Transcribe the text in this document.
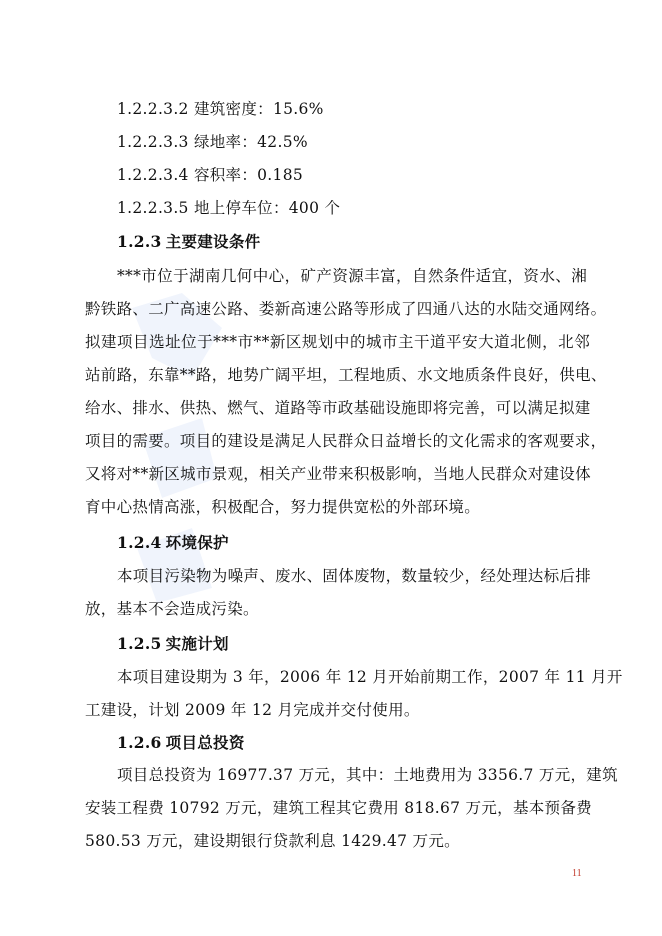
1.2.2.3.2 建筑密度：15.6%
1.2.2.3.3 绿地率：42.5%
1.2.2.3.4 容积率：0.185
1.2.2.3.5 地上停车位：400 个
1.2.3 主要建设条件
***市位于湖南几何中心，矿产资源丰富，自然条件适宜，资水、湘
黔铁路、二广高速公路、娄新高速公路等形成了四通八达的水陆交通网络。
拟建项目选址位于***市**新区规划中的城市主干道平安大道北侧，北邻
站前路，东靠**路，地势广阔平坦，工程地质、水文地质条件良好，供电、
给水、排水、供热、燃气、道路等市政基础设施即将完善，可以满足拟建
项目的需要。项目的建设是满足人民群众日益增长的文化需求的客观要求，
又将对**新区城市景观，相关产业带来积极影响，当地人民群众对建设体
育中心热情高涨，积极配合，努力提供宽松的外部环境。
1.2.4 环境保护
本项目污染物为噪声、废水、固体废物，数量较少，经处理达标后排
放，基本不会造成污染。
1.2.5 实施计划
本项目建设期为 3 年，2006 年 12 月开始前期工作，2007 年 11 月开
工建设，计划 2009 年 12 月完成并交付使用。
1.2.6 项目总投资
项目总投资为 16977.37 万元，其中：土地费用为 3356.7 万元，建筑
安装工程费 10792 万元，建筑工程其它费用 818.67 万元，基本预备费
580.53 万元，建设期银行贷款利息 1429.47 万元。
11
